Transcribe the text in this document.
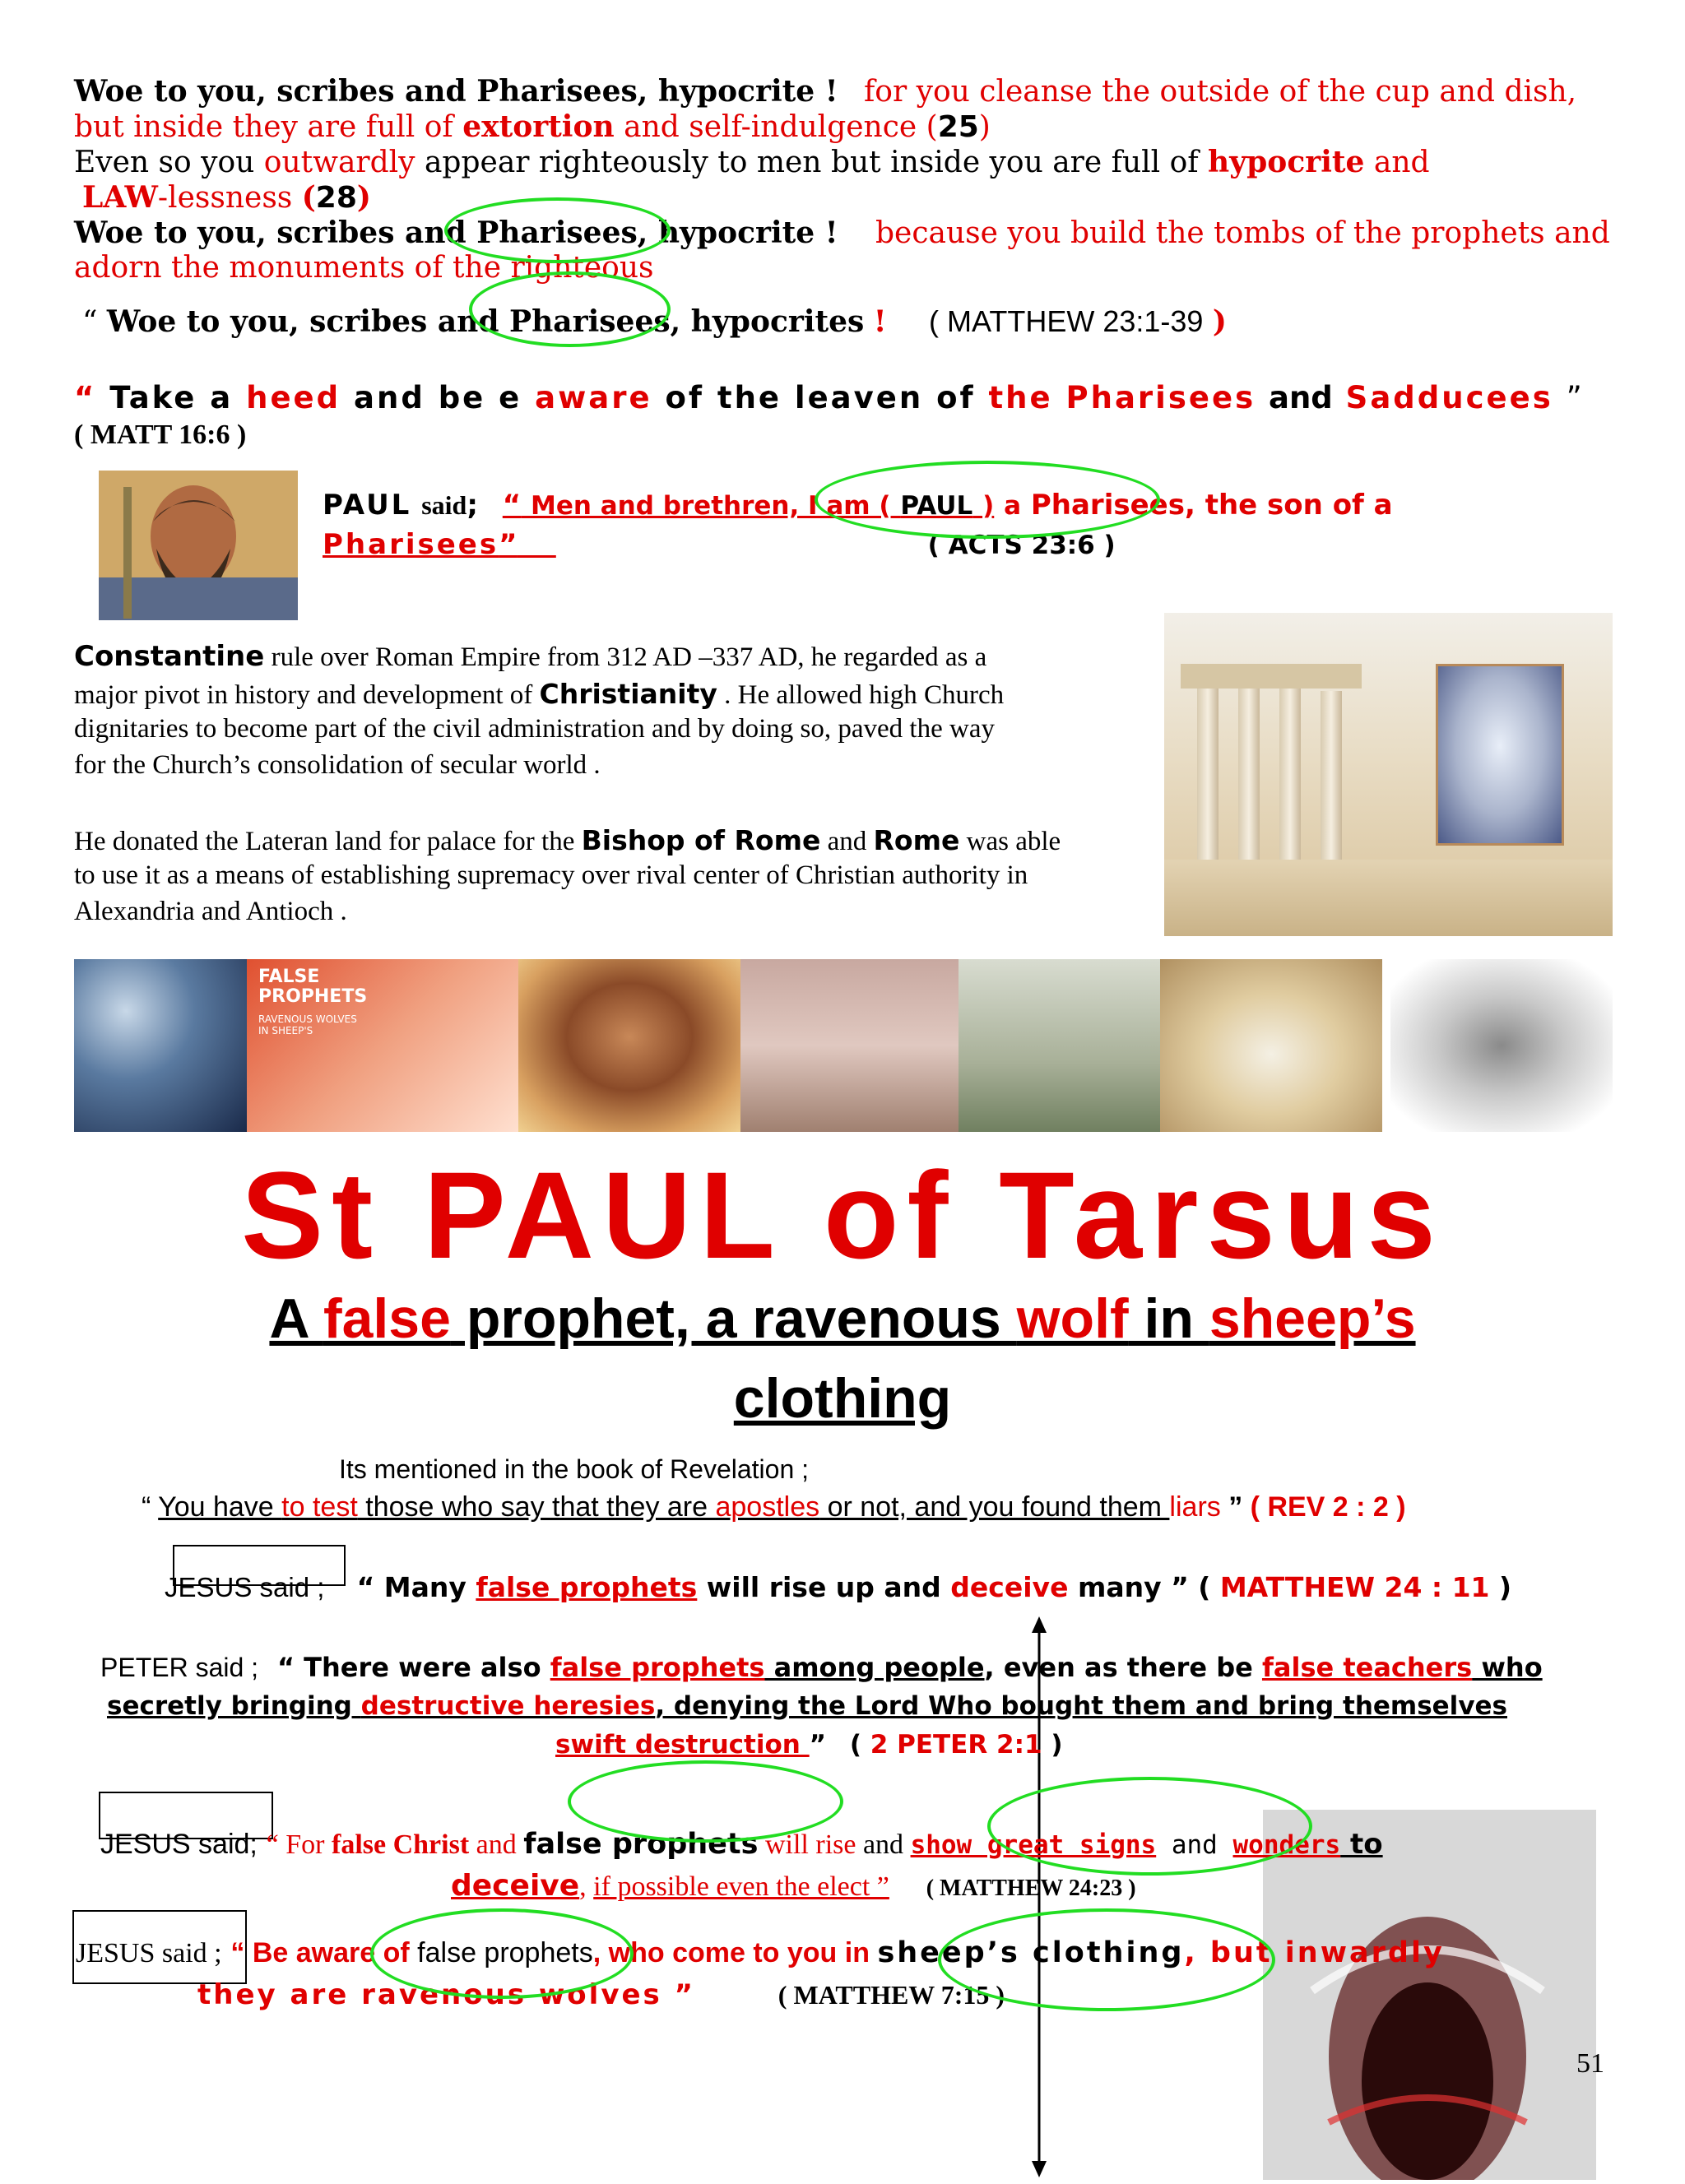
Woe to you, scribes and Pharisees, hypocrite ! for you cleanse the outside of the cup and dish,
but inside they are full of extortion and self-indulgence (25)
Even so you outwardly appear righteously to men but inside you are full of hypocrite and
LAW-lessness (28)
Woe to you, scribes and Pharisees, hypocrite ! because you build the tombs of the prophets and
adorn the monuments of the righteous
“ Woe to you, scribes and Pharisees, hypocrites ! ( MATTHEW 23:1-39 )
“ Take a heed and be e aware of the leaven of the Pharisees and Sadducees ”
( MATT 16:6 )
PAUL said; “ Men and brethren, I am ( PAUL ) a Pharisees, the son of a
Pharisees”	( ACTS 23:6 )
Constantine rule over Roman Empire from 312 AD –337 AD, he regarded as a
major pivot in history and development of Christianity . He allowed high Church
dignitaries to become part of the civil administration and by doing so, paved the way
for the Church’s consolidation of secular world .
He donated the Lateran land for palace for the Bishop of Rome and Rome was able
to use it as a means of establishing supremacy over rival center of Christian authority in
Alexandria and Antioch .
FALSE
PROPHETS
RAVENOUS WOLVES
IN SHEEP'S
St PAUL of Tarsus
A false prophet, a ravenous wolf in sheep’s
clothing
Its mentioned in the book of Revelation ;
“ You have to test those who say that they are apostles or not, and you found them liars ” ( REV 2 : 2 )
JESUS said ; “ Many false prophets will rise up and deceive many ” ( MATTHEW 24 : 11 )
PETER said ; “ There were also false prophets among people, even as there be false teachers who
secretly bringing destructive heresies, denying the Lord Who bought them and bring themselves
swift destruction ” ( 2 PETER 2:1 )
JESUS said; “ For false Christ and false prophets will rise and show great signs and wonders to
deceive, if possible even the elect ” ( MATTHEW 24:23 )
JESUS said ; “ Be aware of false prophets, who come to you in sheep’s clothing, but inwardly
they are ravenous wolves ”	( MATTHEW 7:15 )
51
